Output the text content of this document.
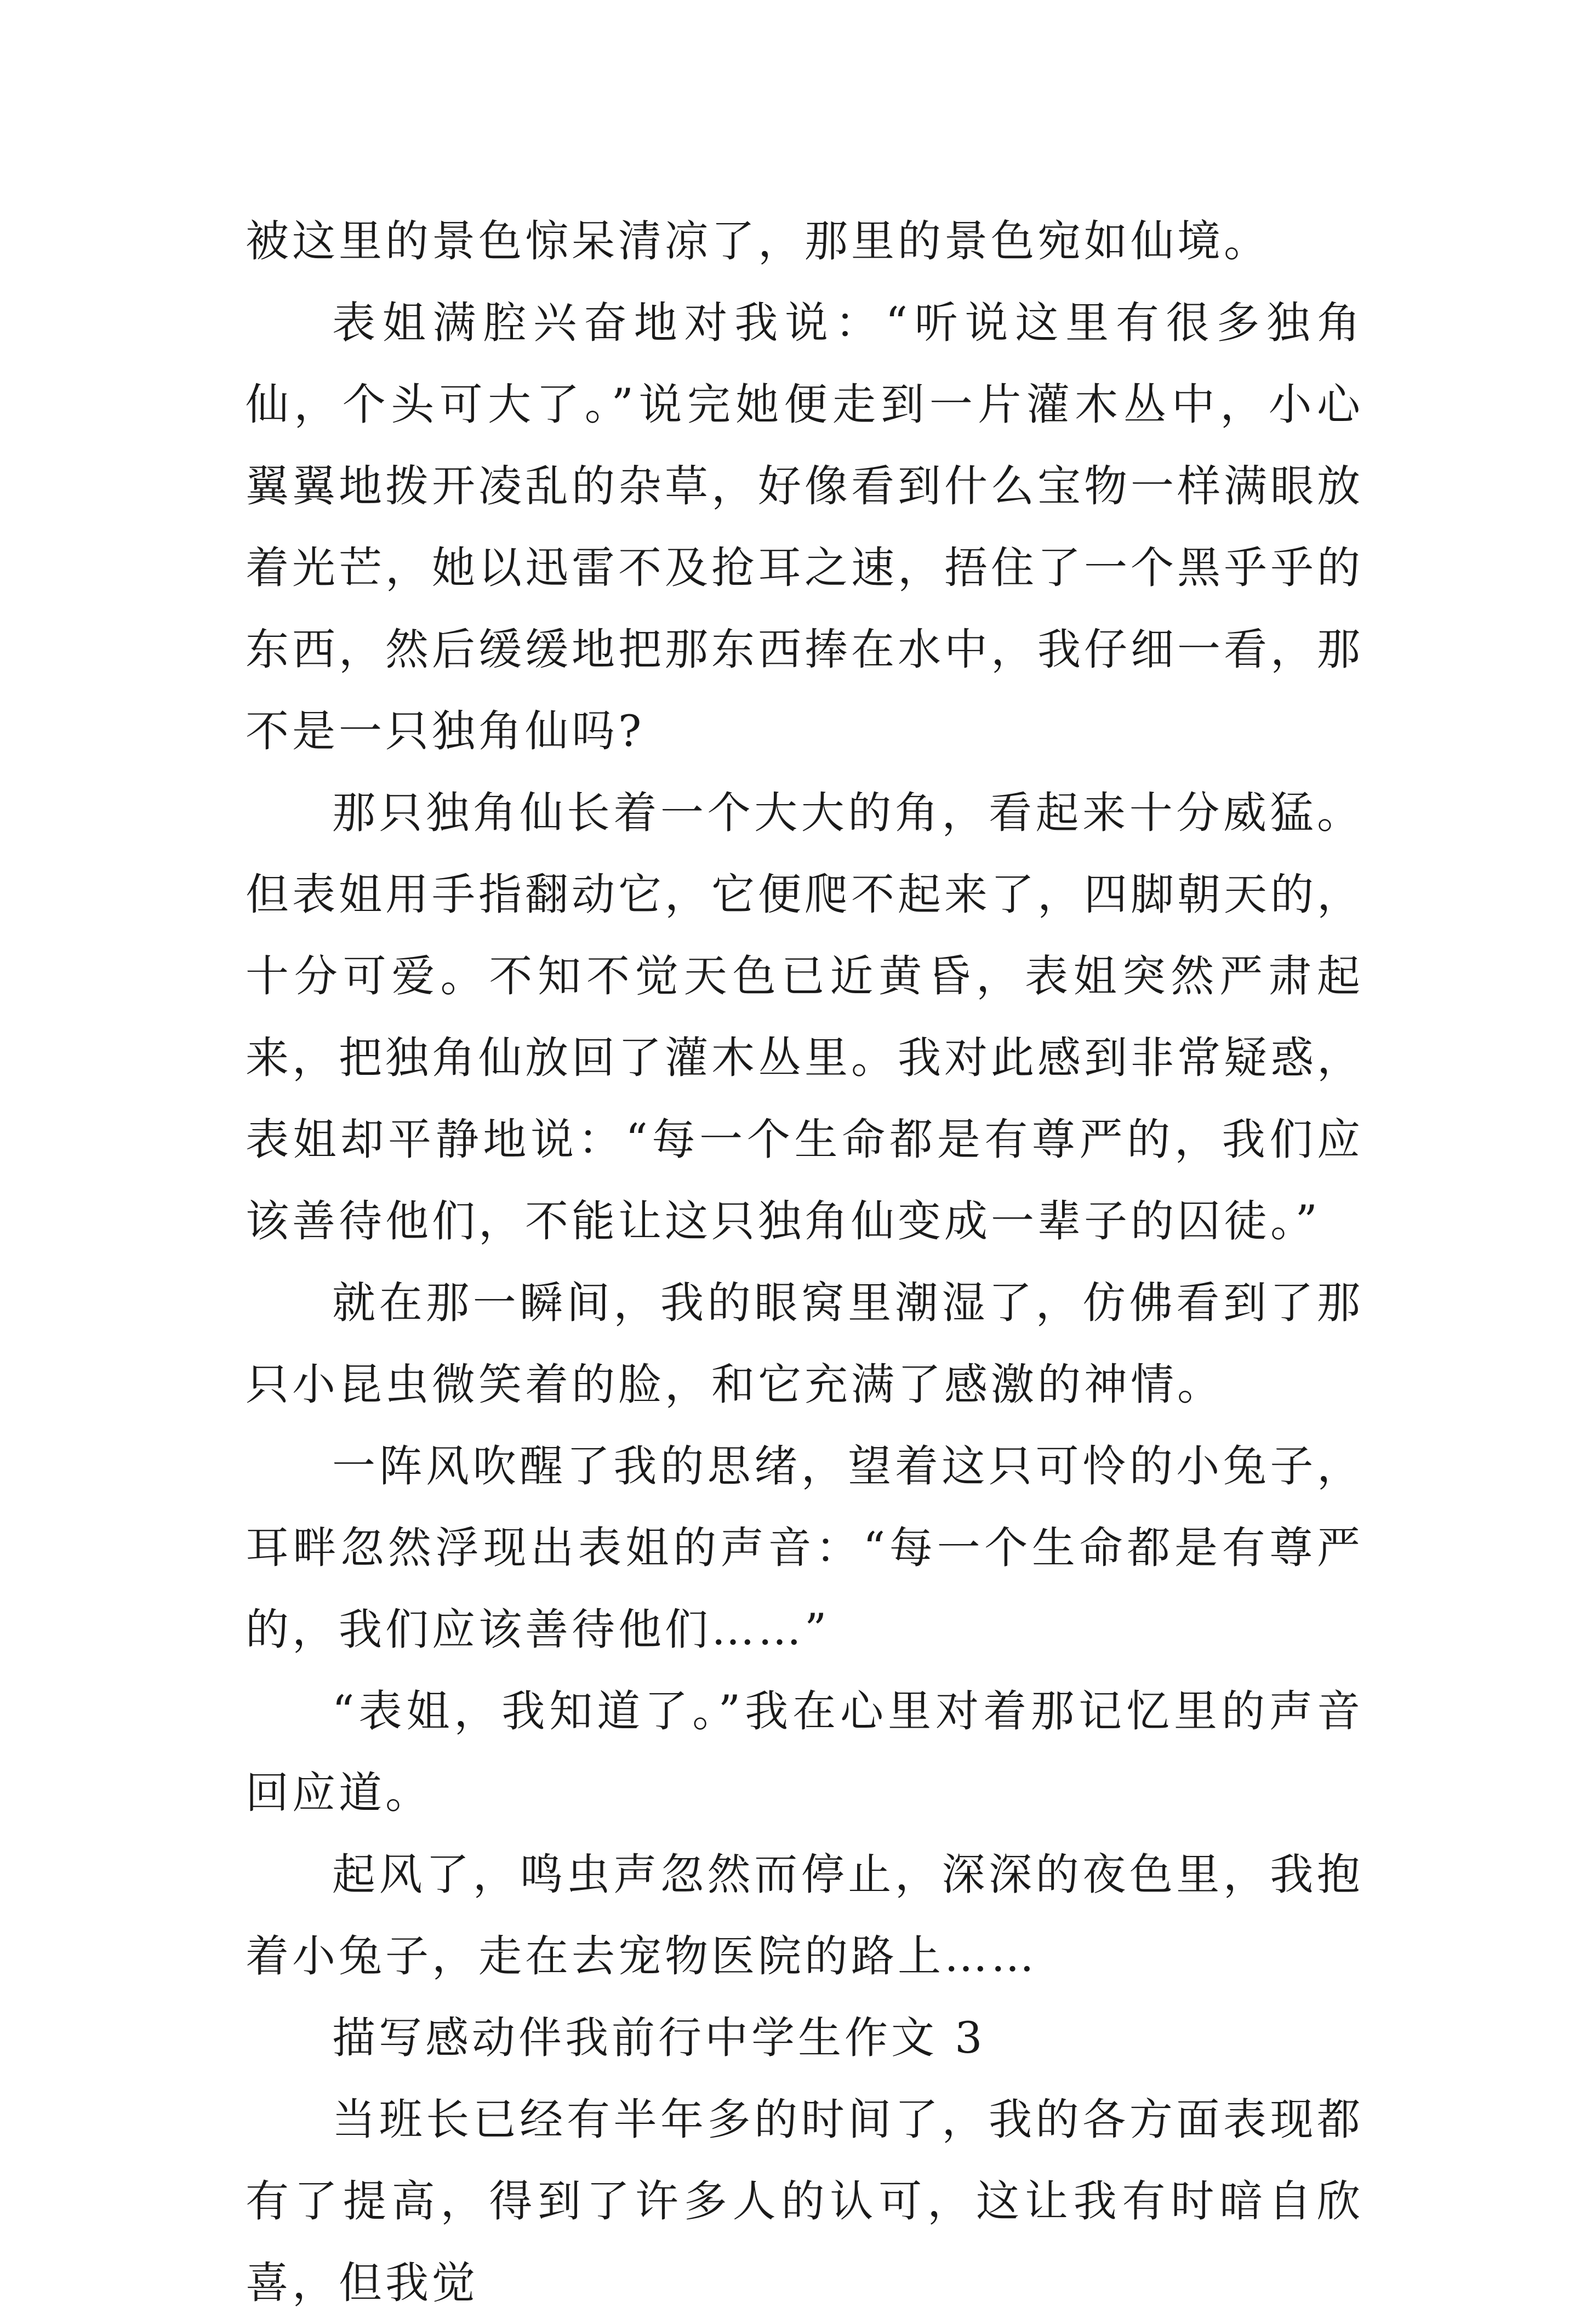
被这里的景色惊呆清凉了，那里的景色宛如仙境。

表姐满腔兴奋地对我说：“听说这里有很多独角仙，个头可大了。”说完她便走到一片灌木丛中，小心翼翼地拨开凌乱的杂草，好像看到什么宝物一样满眼放着光芒，她以迅雷不及抢耳之速，捂住了一个黑乎乎的东西，然后缓缓地把那东西捧在水中，我仔细一看，那不是一只独角仙吗?

那只独角仙长着一个大大的角，看起来十分威猛。但表姐用手指翻动它，它便爬不起来了，四脚朝天的，十分可爱。不知不觉天色已近黄昏，表姐突然严肃起来，把独角仙放回了灌木丛里。我对此感到非常疑惑，表姐却平静地说：“每一个生命都是有尊严的，我们应该善待他们，不能让这只独角仙变成一辈子的囚徒。”

就在那一瞬间，我的眼窝里潮湿了，仿佛看到了那只小昆虫微笑着的脸，和它充满了感激的神情。

一阵风吹醒了我的思绪，望着这只可怜的小兔子，耳畔忽然浮现出表姐的声音：“每一个生命都是有尊严的，我们应该善待他们……”

“表姐，我知道了。”我在心里对着那记忆里的声音回应道。

起风了，鸣虫声忽然而停止，深深的夜色里，我抱着小兔子，走在去宠物医院的路上……

描写感动伴我前行中学生作文 3

当班长已经有半年多的时间了，我的各方面表现都有了提高，得到了许多人的认可，这让我有时暗自欣喜，但我觉
